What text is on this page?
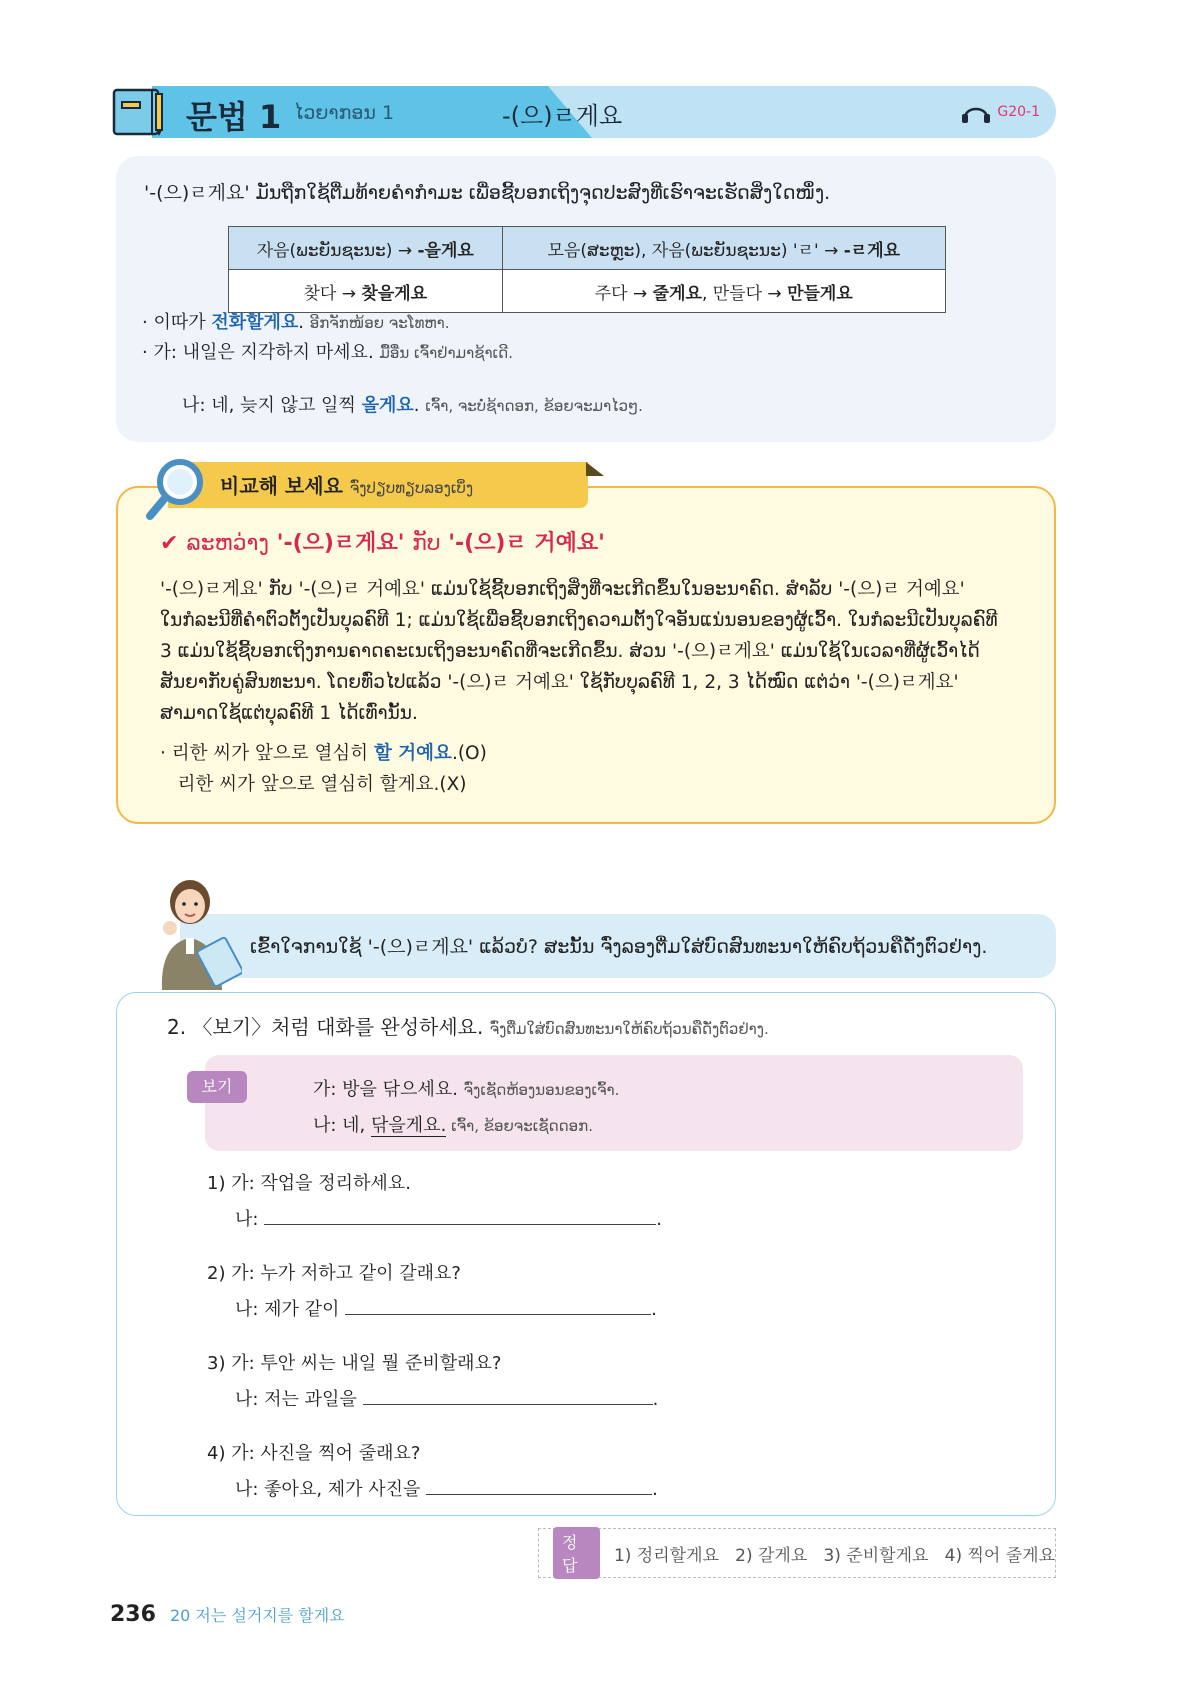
문법 1 ໄວຍາກອນ 1	-(으)ㄹ게요	G20-1
'-(으)ㄹ게요' ມັນຖືກໃຊ້ຕື່ມທ້າຍຄຳກຳມະ ເພື່ອຊີ້ບອກເຖິງຈຸດປະສົງທີ່ເຮົາຈະເຮັດສິ່ງໃດໜຶ່ງ.
자음(ພະຍັນຊະນະ) → -을게요	모음(ສະຫຼະ), 자음(ພະຍັນຊະນະ) 'ㄹ' → -ㄹ게요
찾다 → 찾을게요	주다 → 줄게요, 만들다 → 만들게요
· 이따가 전화할게요. ອີກຈັກໜ້ອຍ ຈະໂທຫາ.
· 가: 내일은 지각하지 마세요. ມື້ອື່ນ ເຈົ້າຢ່າມາຊ້າເດີ.

나: 네, 늦지 않고 일찍 올게요. ເຈົ້າ, ຈະບໍ່ຊ້າດອກ, ຂ້ອຍຈະມາໄວໆ.

✔ ລະຫວ່າງ '-(으)ㄹ게요' ກັບ '-(으)ㄹ 거예요'
'-(으)ㄹ게요' ກັບ '-(으)ㄹ 거예요' ແມ່ນໃຊ້ຊີ້ບອກເຖິງສິ່ງທີ່ຈະເກີດຂຶ້ນໃນອະນາຄົດ. ສຳລັບ '-(으)ㄹ 거예요'
ໃນກໍລະນີທີ່ຄຳຕົວຕັ້ງເປັນບຸລຄົທີ 1; ແມ່ນໃຊ້ເພື່ອຊີ້ບອກເຖິງຄວາມຕັ້ງໃຈອັນແນ່ນອນຂອງຜູ້ເວົ້າ. ໃນກໍລະນີເປັນບຸລຄົທີ
3 ແມ່ນໃຊ້ຊີ້ບອກເຖິງການຄາດຄະເນເຖິງອະນາຄົດທີ່ຈະເກີດຂຶ້ນ. ສ່ວນ '-(으)ㄹ게요' ແມ່ນໃຊ້ໃນເວລາທີ່ຜູ້ເວົ້າໄດ້
ສັນຍາກັບຄູ່ສົນທະນາ. ໂດຍທົ່ວໄປແລ້ວ '-(으)ㄹ 거예요' ໃຊ້ກັບບຸລຄົທີ 1, 2, 3 ໄດ້ໝົດ ແຕ່ວ່າ '-(으)ㄹ게요'
ສາມາດໃຊ້ແຕ່ບຸລຄົທີ 1 ໄດ້ເທົ່ານັ້ນ.
· 리한 씨가 앞으로 열심히 할 거예요.(O)
리한 씨가 앞으로 열심히 할게요.(X)
비교해 보세요 ຈົ່ງປຽບທຽບລອງເບິ່ງ
ເຂົ້າໃຈການໃຊ້ '-(으)ㄹ게요' ແລ້ວບໍ? ສະນັ້ນ ຈົ່ງລອງຕື່ມໃສ່ບົດສົນທະນາໃຫ້ຄົບຖ້ວນຄືດັ່ງຕົວຢ່າງ.
2. 〈보기〉처럼 대화를 완성하세요. ຈົ່ງຕື່ມໃສ່ບົດສົນທະນາໃຫ້ຄົບຖ້ວນຄືດັ່ງຕົວຢ່າງ.
보기	가: 방을 닦으세요. ຈົ່ງເຊັດຫ້ອງນອນຂອງເຈົ້າ.
나: 네, 닦을게요. ເຈົ້າ, ຂ້ອຍຈະເຊັດດອກ.
1) 가: 작업을 정리하세요.
나:	.
2) 가: 누가 저하고 같이 갈래요?
나: 제가 같이	.
3) 가: 투안 씨는 내일 뭘 준비할래요?
나: 저는 과일을	.
4) 가: 사진을 찍어 줄래요?
나: 좋아요, 제가 사진을	.
정답	1) 정리할게요   2) 갈게요   3) 준비할게요   4) 찍어 줄게요
236 20 저는 설거지를 할게요
